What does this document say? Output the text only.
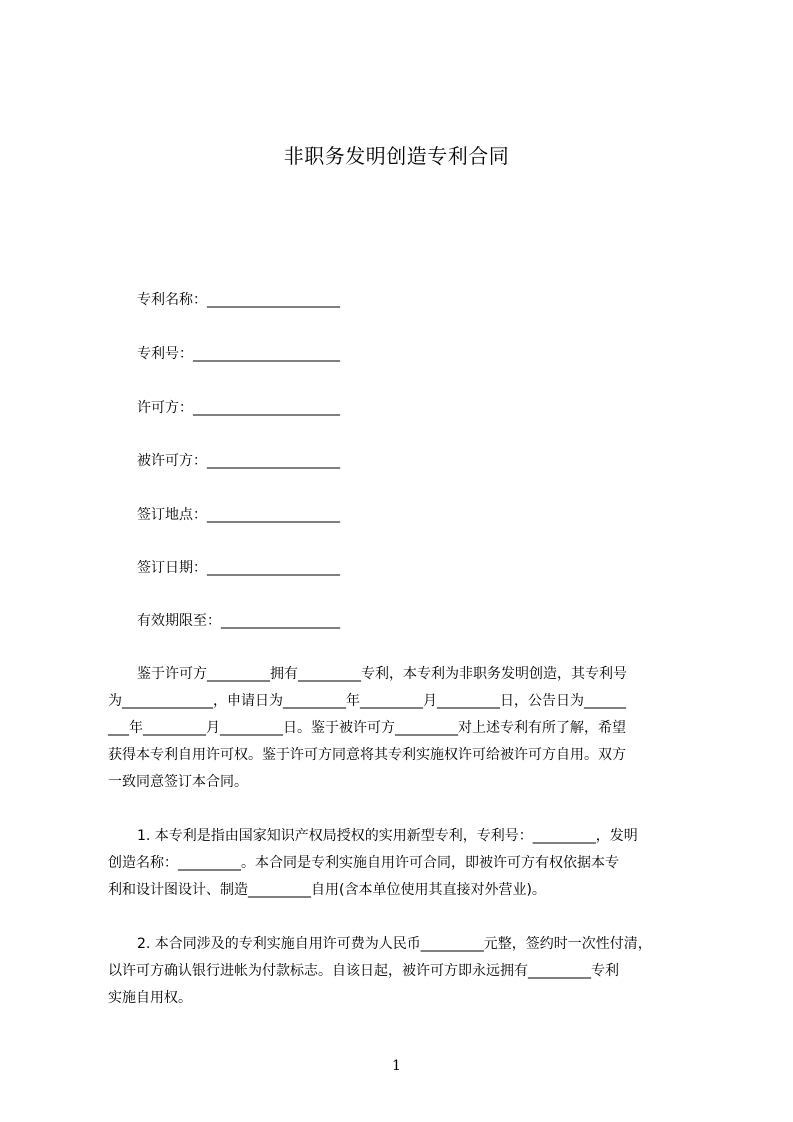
非职务发明创造专利合同
专利名称：___________________
专利号：_____________________
许可方：_____________________
被许可方：___________________
签订地点：___________________
签订日期：___________________
有效期限至：_________________
鉴于许可方_________拥有_________专利，本专利为非职务发明创造，其专利号
为_____________，申请日为_________年_________月_________日，公告日为______
___年_________月_________日。鉴于被许可方_________对上述专利有所了解，希望
获得本专利自用许可权。鉴于许可方同意将其专利实施权许可给被许可方自用。双方
一致同意签订本合同。
1. 本专利是指由国家知识产权局授权的实用新型专利，专利号：_________，发明
创造名称：_________。本合同是专利实施自用许可合同，即被许可方有权依据本专
利和设计图设计、制造_________自用(含本单位使用其直接对外营业)。
2. 本合同涉及的专利实施自用许可费为人民币_________元整，签约时一次性付清，
以许可方确认银行进帐为付款标志。自该日起，被许可方即永远拥有_________专利
实施自用权。
1
